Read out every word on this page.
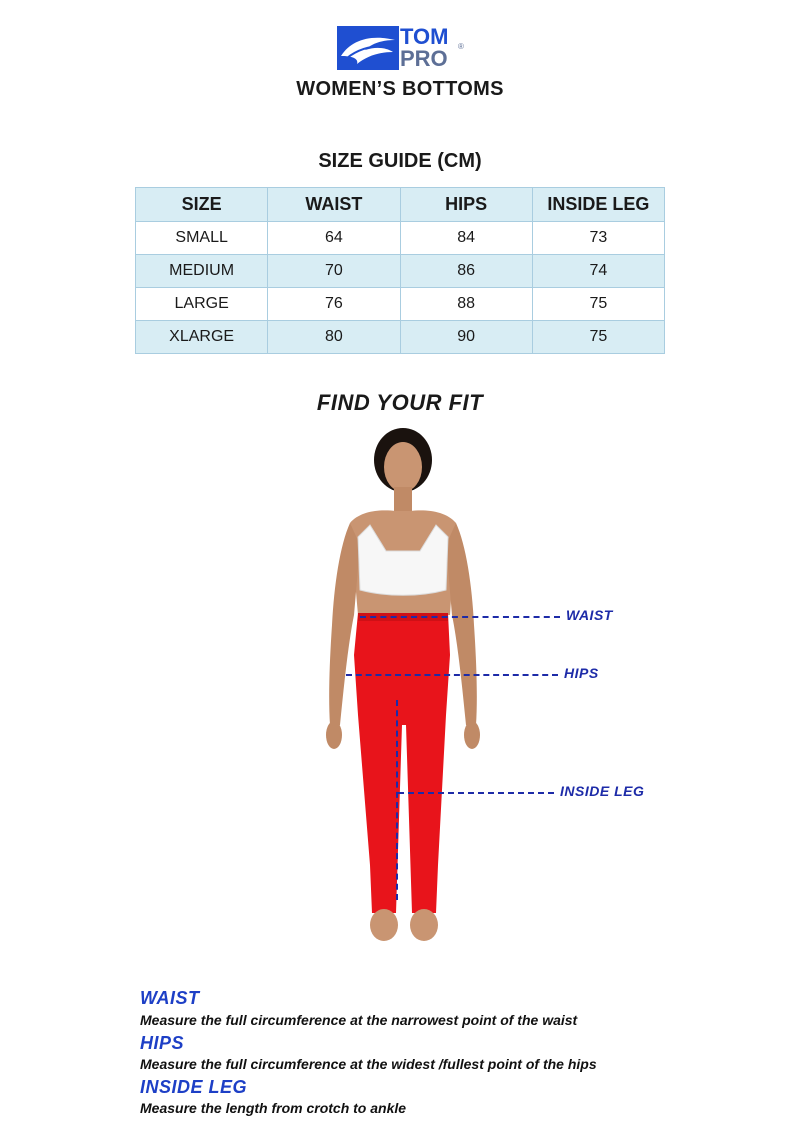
TOM
PRO ®
WOMEN’S BOTTOMS
SIZE GUIDE (CM)
SIZE	WAIST	HIPS	INSIDE LEG
SMALL	64	84	73
MEDIUM	70	86	74
LARGE	76	88	75
XLARGE	80	90	75
FIND YOUR FIT
WAIST
HIPS
INSIDE LEG
WAIST
Measure the full circumference at the narrowest point of the waist
HIPS
Measure the full circumference at the widest /fullest point of the hips
INSIDE LEG
Measure the length from crotch to ankle
